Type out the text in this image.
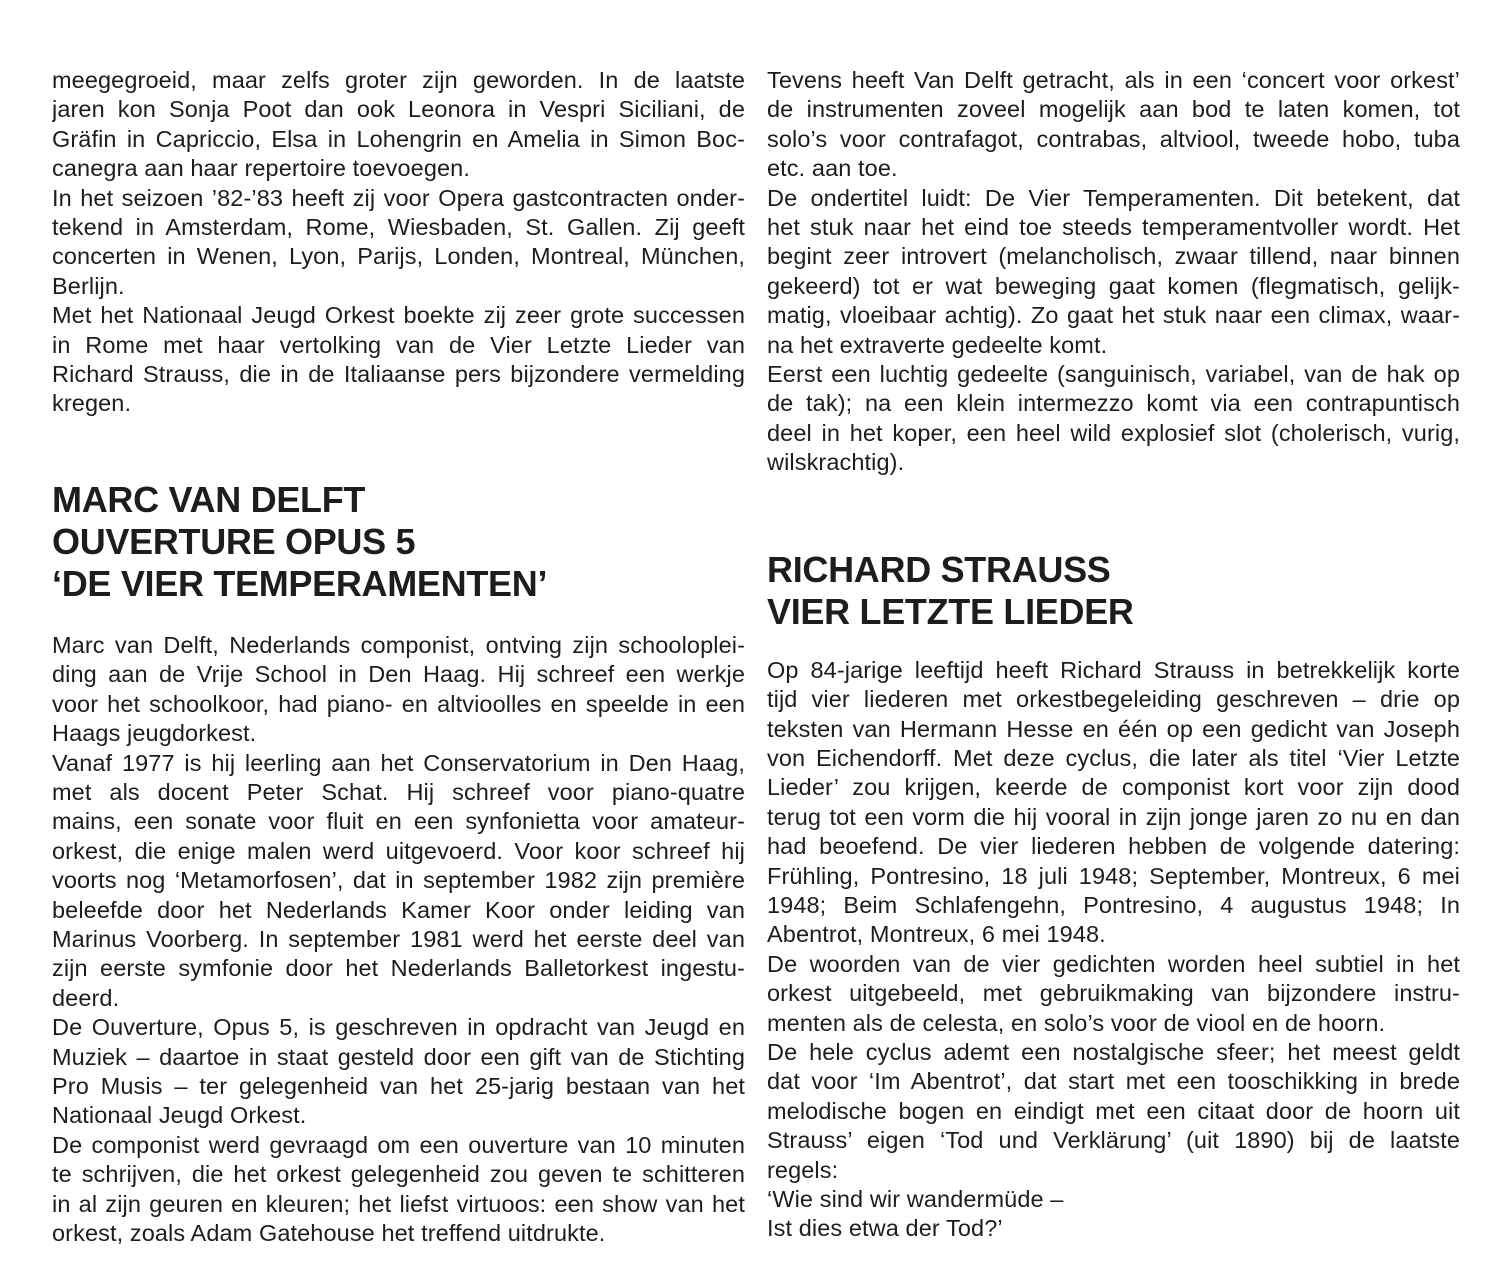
meegegroeid, maar zelfs groter zijn geworden. In de laatste
jaren kon Sonja Poot dan ook Leonora in Vespri Siciliani, de
Gräfin in Capriccio, Elsa in Lohengrin en Amelia in Simon Boc-
canegra aan haar repertoire toevoegen.
In het seizoen ’82-’83 heeft zij voor Opera gastcontracten onder-
tekend in Amsterdam, Rome, Wiesbaden, St. Gallen. Zij geeft
concerten in Wenen, Lyon, Parijs, Londen, Montreal, München,
Berlijn.
Met het Nationaal Jeugd Orkest boekte zij zeer grote successen
in Rome met haar vertolking van de Vier Letzte Lieder van
Richard Strauss, die in de Italiaanse pers bijzondere vermelding
kregen.
MARC VAN DELFT
OUVERTURE OPUS 5
‘DE VIER TEMPERAMENTEN’
Marc van Delft, Nederlands componist, ontving zijn schooloplei-
ding aan de Vrije School in Den Haag. Hij schreef een werkje
voor het schoolkoor, had piano- en altvioolles en speelde in een
Haags jeugdorkest.
Vanaf 1977 is hij leerling aan het Conservatorium in Den Haag,
met als docent Peter Schat. Hij schreef voor piano-quatre
mains, een sonate voor fluit en een synfonietta voor amateur-
orkest, die enige malen werd uitgevoerd. Voor koor schreef hij
voorts nog ‘Metamorfosen’, dat in september 1982 zijn première
beleefde door het Nederlands Kamer Koor onder leiding van
Marinus Voorberg. In september 1981 werd het eerste deel van
zijn eerste symfonie door het Nederlands Balletorkest ingestu-
deerd.
De Ouverture, Opus 5, is geschreven in opdracht van Jeugd en
Muziek – daartoe in staat gesteld door een gift van de Stichting
Pro Musis – ter gelegenheid van het 25-jarig bestaan van het
Nationaal Jeugd Orkest.
De componist werd gevraagd om een ouverture van 10 minuten
te schrijven, die het orkest gelegenheid zou geven te schitteren
in al zijn geuren en kleuren; het liefst virtuoos: een show van het
orkest, zoals Adam Gatehouse het treffend uitdrukte.
Tevens heeft Van Delft getracht, als in een ‘concert voor orkest’
de instrumenten zoveel mogelijk aan bod te laten komen, tot
solo’s voor contrafagot, contrabas, altviool, tweede hobo, tuba
etc. aan toe.
De ondertitel luidt: De Vier Temperamenten. Dit betekent, dat
het stuk naar het eind toe steeds temperamentvoller wordt. Het
begint zeer introvert (melancholisch, zwaar tillend, naar binnen
gekeerd) tot er wat beweging gaat komen (flegmatisch, gelijk-
matig, vloeibaar achtig). Zo gaat het stuk naar een climax, waar-
na het extraverte gedeelte komt.
Eerst een luchtig gedeelte (sanguinisch, variabel, van de hak op
de tak); na een klein intermezzo komt via een contrapuntisch
deel in het koper, een heel wild explosief slot (cholerisch, vurig,
wilskrachtig).
RICHARD STRAUSS
VIER LETZTE LIEDER
Op 84-jarige leeftijd heeft Richard Strauss in betrekkelijk korte
tijd vier liederen met orkestbegeleiding geschreven – drie op
teksten van Hermann Hesse en één op een gedicht van Joseph
von Eichendorff. Met deze cyclus, die later als titel ‘Vier Letzte
Lieder’ zou krijgen, keerde de componist kort voor zijn dood
terug tot een vorm die hij vooral in zijn jonge jaren zo nu en dan
had beoefend. De vier liederen hebben de volgende datering:
Frühling, Pontresino, 18 juli 1948; September, Montreux, 6 mei
1948; Beim Schlafengehn, Pontresino, 4 augustus 1948; In
Abentrot, Montreux, 6 mei 1948.
De woorden van de vier gedichten worden heel subtiel in het
orkest uitgebeeld, met gebruikmaking van bijzondere instru-
menten als de celesta, en solo’s voor de viool en de hoorn.
De hele cyclus ademt een nostalgische sfeer; het meest geldt
dat voor ‘Im Abentrot’, dat start met een tooschikking in brede
melodische bogen en eindigt met een citaat door de hoorn uit
Strauss’ eigen ‘Tod und Verklärung’ (uit 1890) bij de laatste
regels:
‘Wie sind wir wandermüde –
Ist dies etwa der Tod?’
